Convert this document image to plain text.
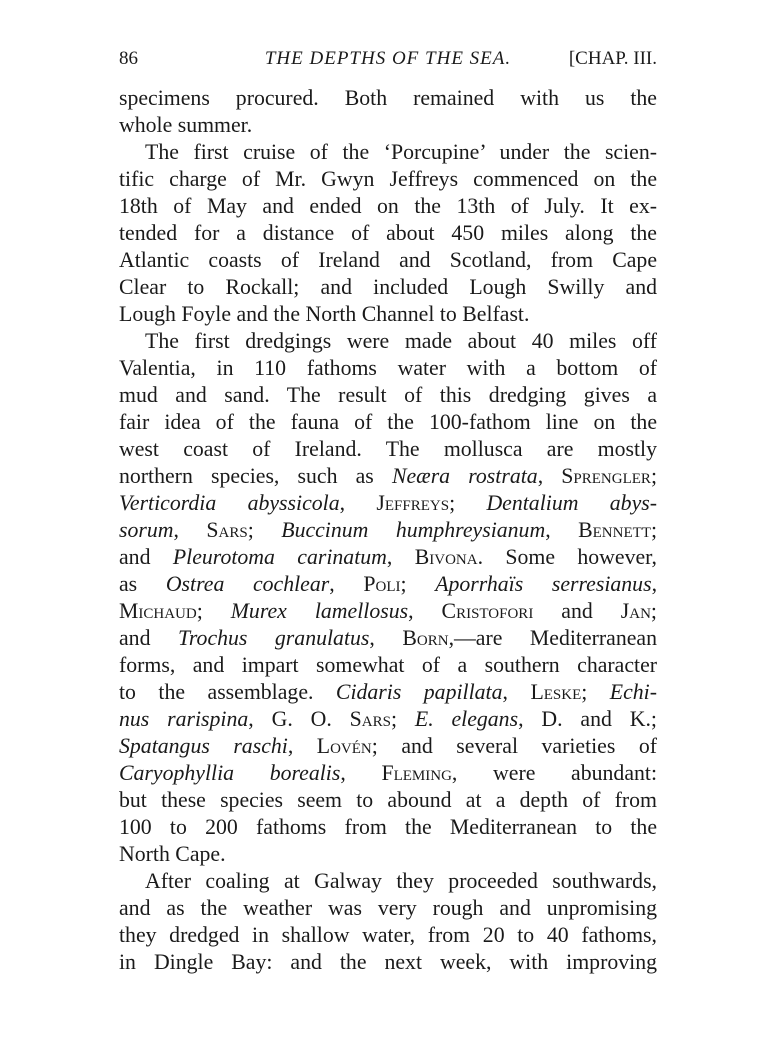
86	THE DEPTHS OF THE SEA.	[CHAP. III.

specimens procured. Both remained with us the
whole summer.

The first cruise of the ‘Porcupine’ under the scien-
tific charge of Mr. Gwyn Jeffreys commenced on the
18th of May and ended on the 13th of July. It ex-
tended for a distance of about 450 miles along the
Atlantic coasts of Ireland and Scotland, from Cape
Clear to Rockall; and included Lough Swilly and
Lough Foyle and the North Channel to Belfast.

The first dredgings were made about 40 miles off
Valentia, in 110 fathoms water with a bottom of
mud and sand. The result of this dredging gives a
fair idea of the fauna of the 100-fathom line on the
west coast of Ireland. The mollusca are mostly
northern species, such as Neæra rostrata, Sprengler;
Verticordia abyssicola, Jeffreys; Dentalium abys-
sorum, Sars; Buccinum humphreysianum, Bennett;
and Pleurotoma carinatum, Bivona. Some however,
as Ostrea cochlear, Poli; Aporrhaïs serresianus,
Michaud; Murex lamellosus, Cristofori and Jan;
and Trochus granulatus, Born,—are Mediterranean
forms, and impart somewhat of a southern character
to the assemblage. Cidaris papillata, Leske; Echi-
nus rarispina, G. O. Sars; E. elegans, D. and K.;
Spatangus raschi, Lovén; and several varieties of
Caryophyllia borealis, Fleming, were abundant:
but these species seem to abound at a depth of from
100 to 200 fathoms from the Mediterranean to the
North Cape.

After coaling at Galway they proceeded southwards,
and as the weather was very rough and unpromising
they dredged in shallow water, from 20 to 40 fathoms,
in Dingle Bay: and the next week, with improving
